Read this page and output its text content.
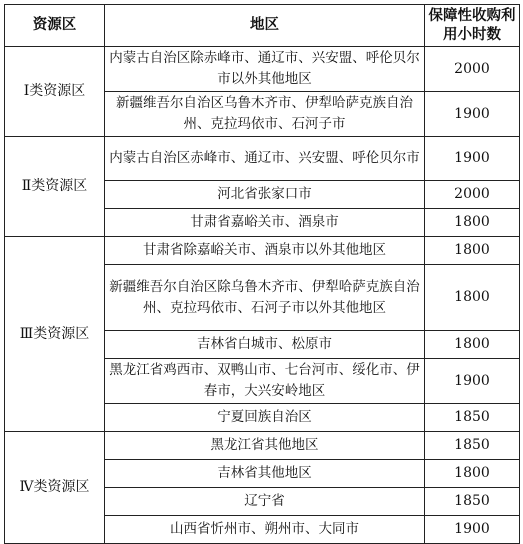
资源区	地区	保障性收购利用小时数
Ⅰ类资源区	内蒙古自治区除赤峰市、通辽市、兴安盟、呼伦贝尔市以外其他地区	2000
	新疆维吾尔自治区乌鲁木齐市、伊犁哈萨克族自治州、克拉玛依市、石河子市	1900
Ⅱ类资源区	内蒙古自治区赤峰市、通辽市、兴安盟、呼伦贝尔市	1900
	河北省张家口市	2000
	甘肃省嘉峪关市、酒泉市	1800
Ⅲ类资源区	甘肃省除嘉峪关市、酒泉市以外其他地区	1800
	新疆维吾尔自治区除乌鲁木齐市、伊犁哈萨克族自治州、克拉玛依市、石河子市以外其他地区	1800
	吉林省白城市、松原市	1800
	黑龙江省鸡西市、双鸭山市、七台河市、绥化市、伊春市，大兴安岭地区	1900
	宁夏回族自治区	1850
Ⅳ类资源区	黑龙江省其他地区	1850
	吉林省其他地区	1800
	辽宁省	1850
	山西省忻州市、朔州市、大同市	1900
